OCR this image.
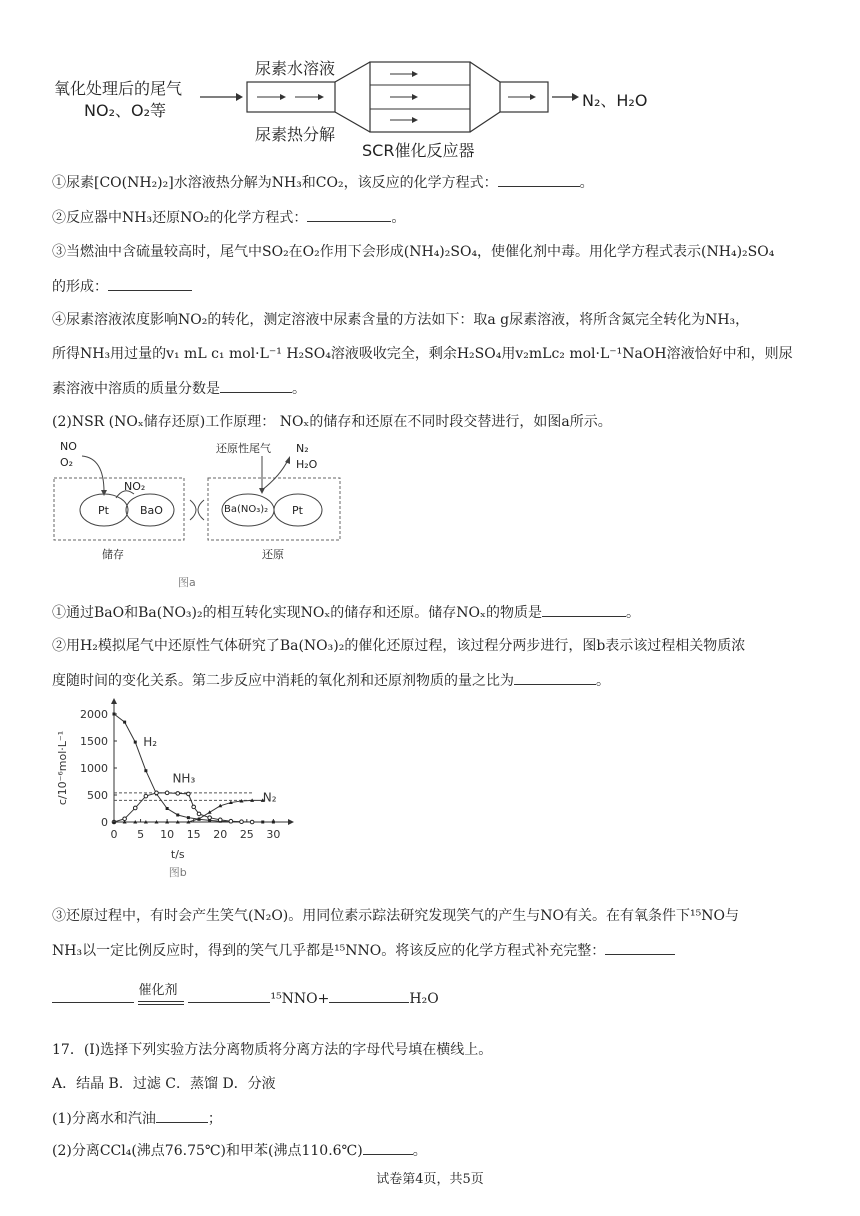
氧化处理后的尾气
NO₂、O₂等
尿素水溶液
尿素热分解
SCR催化反应器
N₂、H₂O
①尿素[CO(NH₂)₂]水溶液热分解为NH₃和CO₂，该反应的化学方程式：	。
②反应器中NH₃还原NO₂的化学方程式：	。
③当燃油中含硫量较高时，尾气中SO₂在O₂作用下会形成(NH₄)₂SO₄，使催化剂中毒。用化学方程式表示(NH₄)₂SO₄
的形成：
④尿素溶液浓度影响NO₂的转化，测定溶液中尿素含量的方法如下：取a g尿素溶液，将所含氮完全转化为NH₃，
所得NH₃用过量的v₁ mL c₁ mol·L⁻¹ H₂SO₄溶液吸收完全，剩余H₂SO₄用v₂mLc₂ mol·L⁻¹NaOH溶液恰好中和，则尿
素溶液中溶质的质量分数是	。
(2)NSR (NOₓ储存还原)工作原理： NOₓ的储存和还原在不同时段交替进行，如图a所示。
NO
O₂
NO₂
Pt	BaO
储存
还原性尾气 N₂
H₂O
Ba(NO₃)₂ Pt
还原
图a
①通过BaO和Ba(NO₃)₂的相互转化实现NOₓ的储存和还原。储存NOₓ的物质是	。
②用H₂模拟尾气中还原性气体研究了Ba(NO₃)₂的催化还原过程，该过程分两步进行，图b表示该过程相关物质浓
度随时间的变化关系。第二步反应中消耗的氧化剂和还原剂物质的量之比为	。
0 5 10 15 20 25 30
0
500
1000
1500
2000
H₂
NH₃
N₂
c/10⁻⁶mol·L⁻¹
t/s
图b
③还原过程中，有时会产生笑气(N₂O)。用同位素示踪法研究发现笑气的产生与NO有关。在有氧条件下¹⁵NO与
NH₃以一定比例反应时，得到的笑气几乎都是¹⁵NNO。将该反应的化学方程式补充完整：

催化剂
¹⁵NNO+	H₂O
17．(I)选择下列实验方法分离物质将分离方法的字母代号填在横线上。
A．结晶 B．过滤 C．蒸馏 D．分液
(1)分离水和汽油	；
(2)分离CCl₄(沸点76.75℃)和甲苯(沸点110.6℃)	。
试卷第4页，共5页
